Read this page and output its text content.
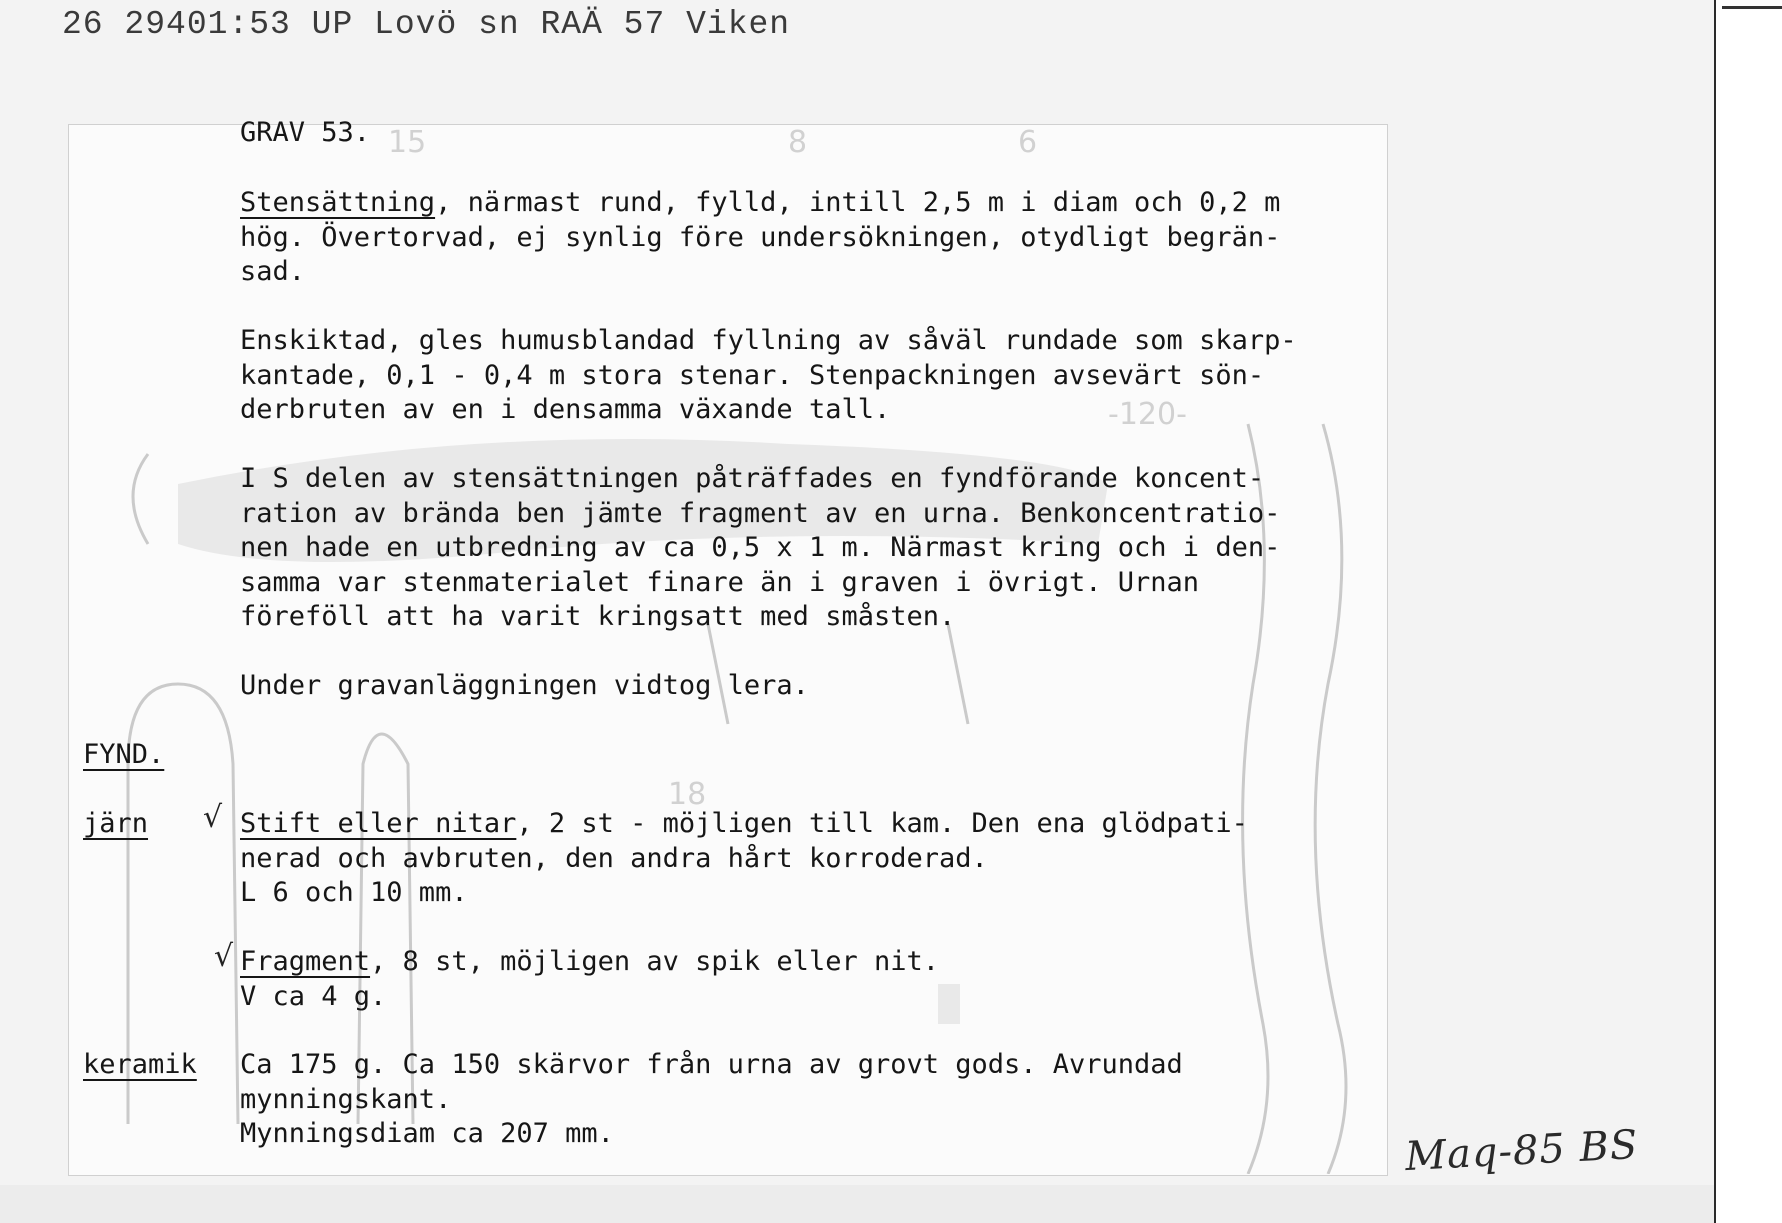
26 29401:53 UP Lovö sn RAÄ 57 Viken
15	8	6
18
-120-
GRAV 53.
Stensättning, närmast rund, fylld, intill 2,5 m i diam och 0,2 m
hög. Övertorvad, ej synlig före undersökningen, otydligt begrän-
sad.
Enskiktad, gles humusblandad fyllning av såväl rundade som skarp-
kantade, 0,1 - 0,4 m stora stenar. Stenpackningen avsevärt sön-
derbruten av en i densamma växande tall.
I S delen av stensättningen påträffades en fyndförande koncent-
ration av brända ben jämte fragment av en urna. Benkoncentratio-
nen hade en utbredning av ca 0,5 x 1 m. Närmast kring och i den-
samma var stenmaterialet finare än i graven i övrigt. Urnan
föreföll att ha varit kringsatt med småsten.
Under gravanläggningen vidtog lera.
FYND.
järn √ Stift eller nitar, 2 st - möjligen till kam. Den ena glödpati-
nerad och avbruten, den andra hårt korroderad.
L 6 och 10 mm.
√ Fragment, 8 st, möjligen av spik eller nit.
V ca 4 g.
keramik Ca 175 g. Ca 150 skärvor från urna av grovt gods. Avrundad
mynningskant.
Mynningsdiam ca 207 mm.	Maq-85 BS
